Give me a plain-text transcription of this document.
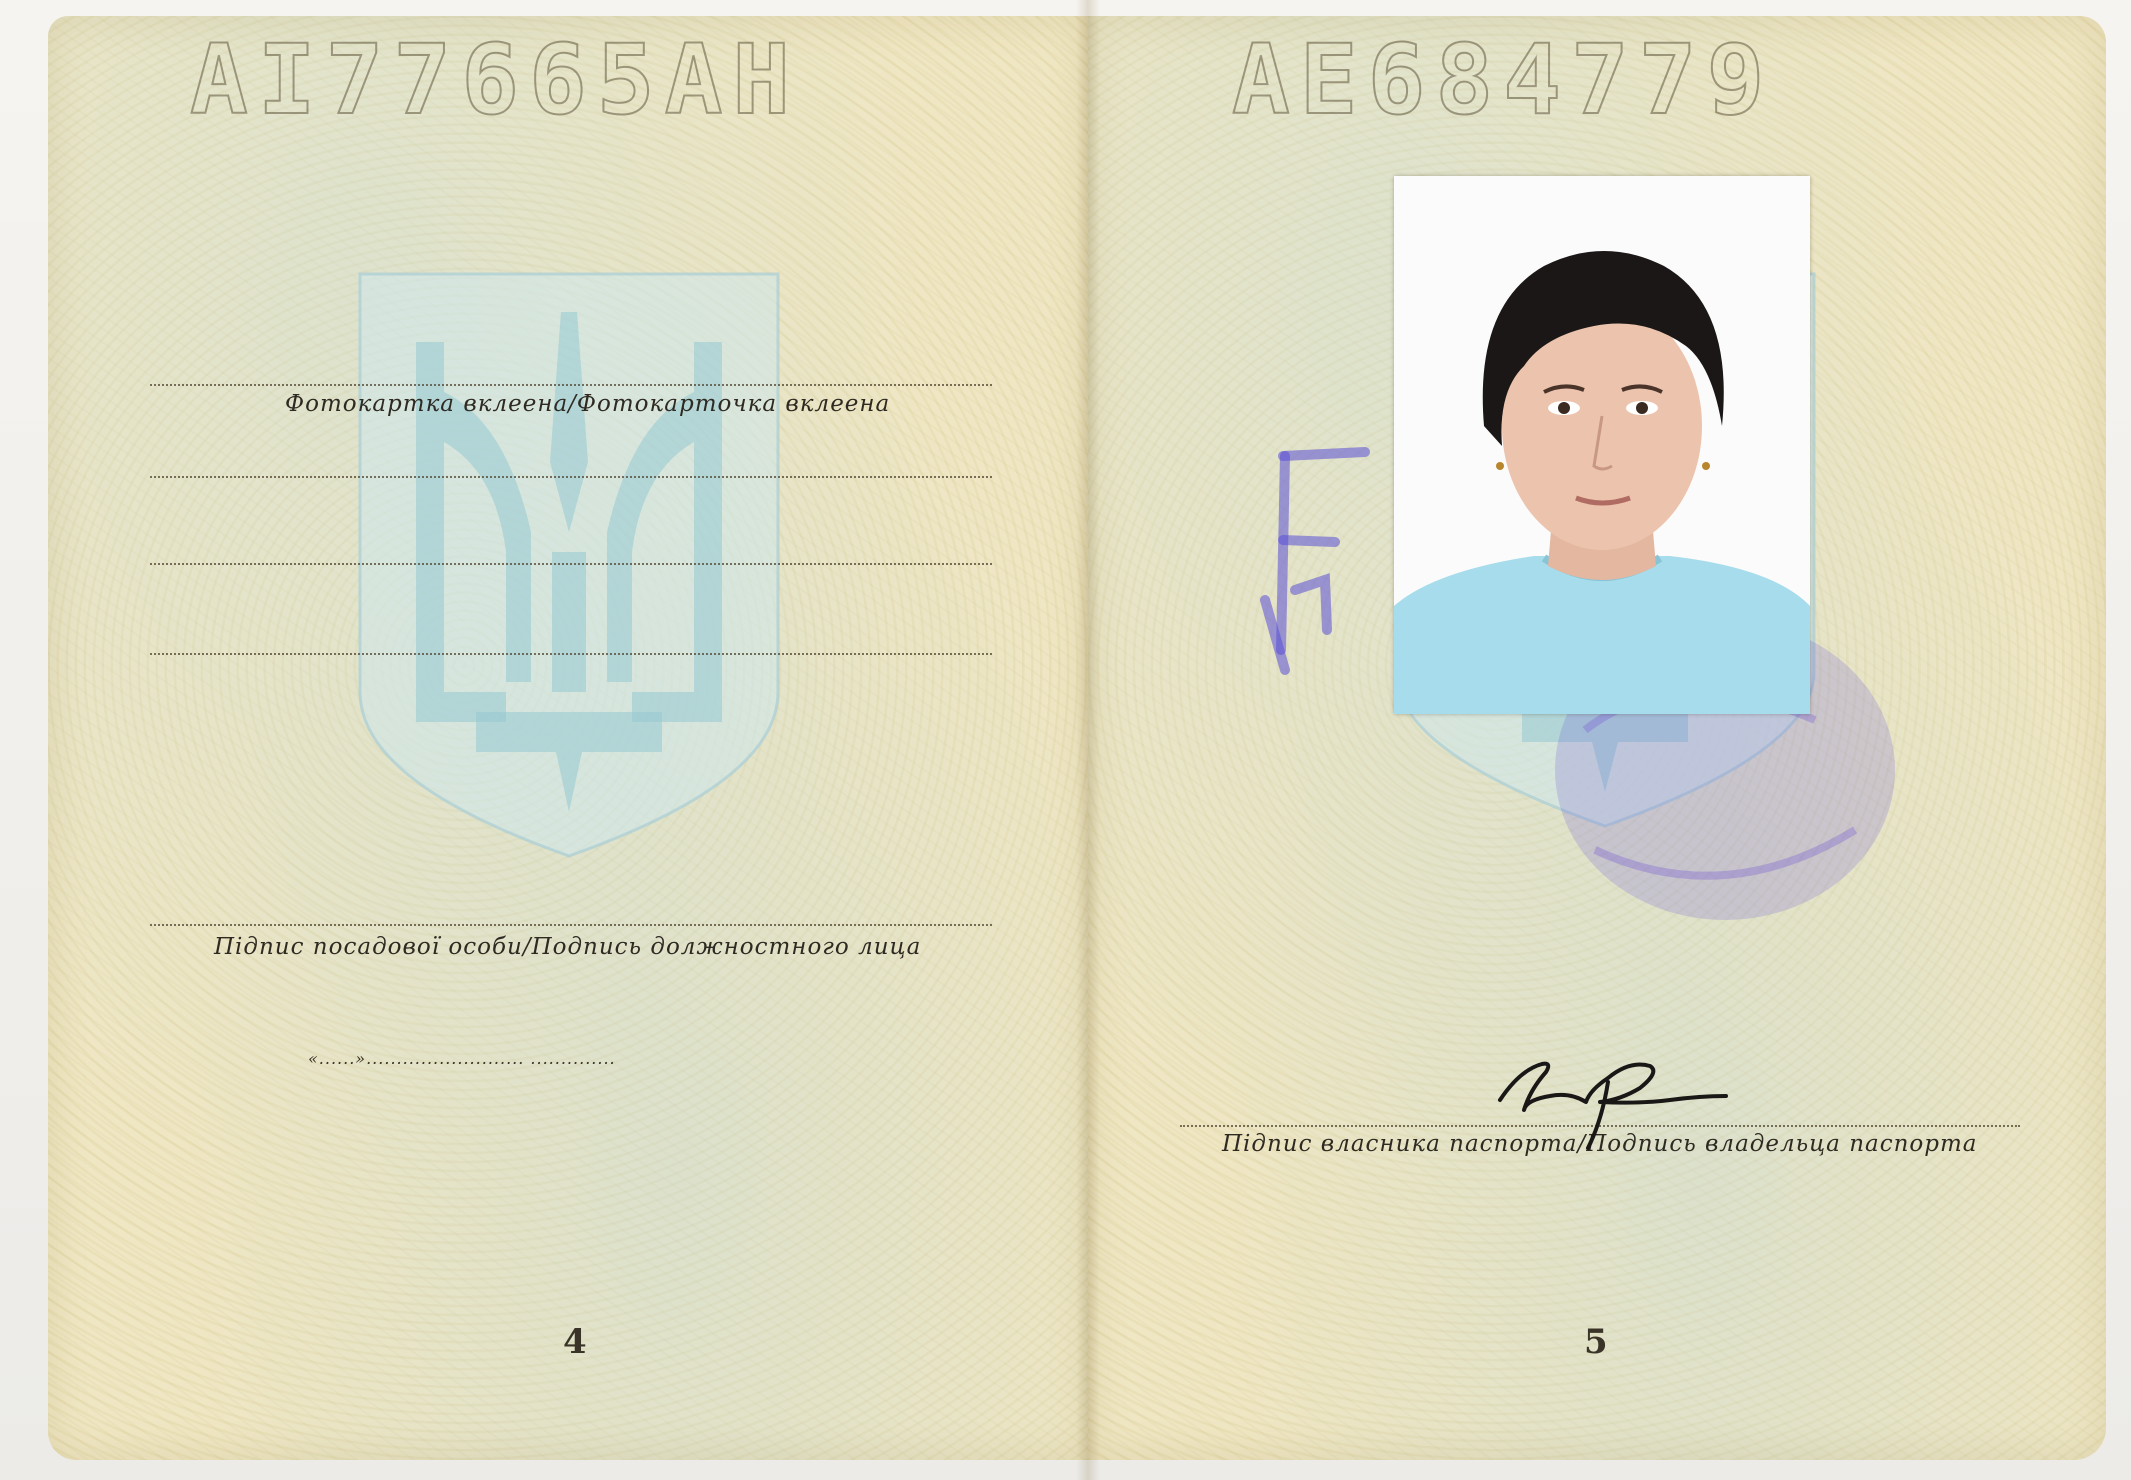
AI77665AH	AE684779
Фотокартка вклеена/Фотокарточка вклеена
Підпис посадової особи/Подпись должностного лица
«......».......................... ..............
4	5
Підпис власника паспорта/Подпись владельца паспорта
